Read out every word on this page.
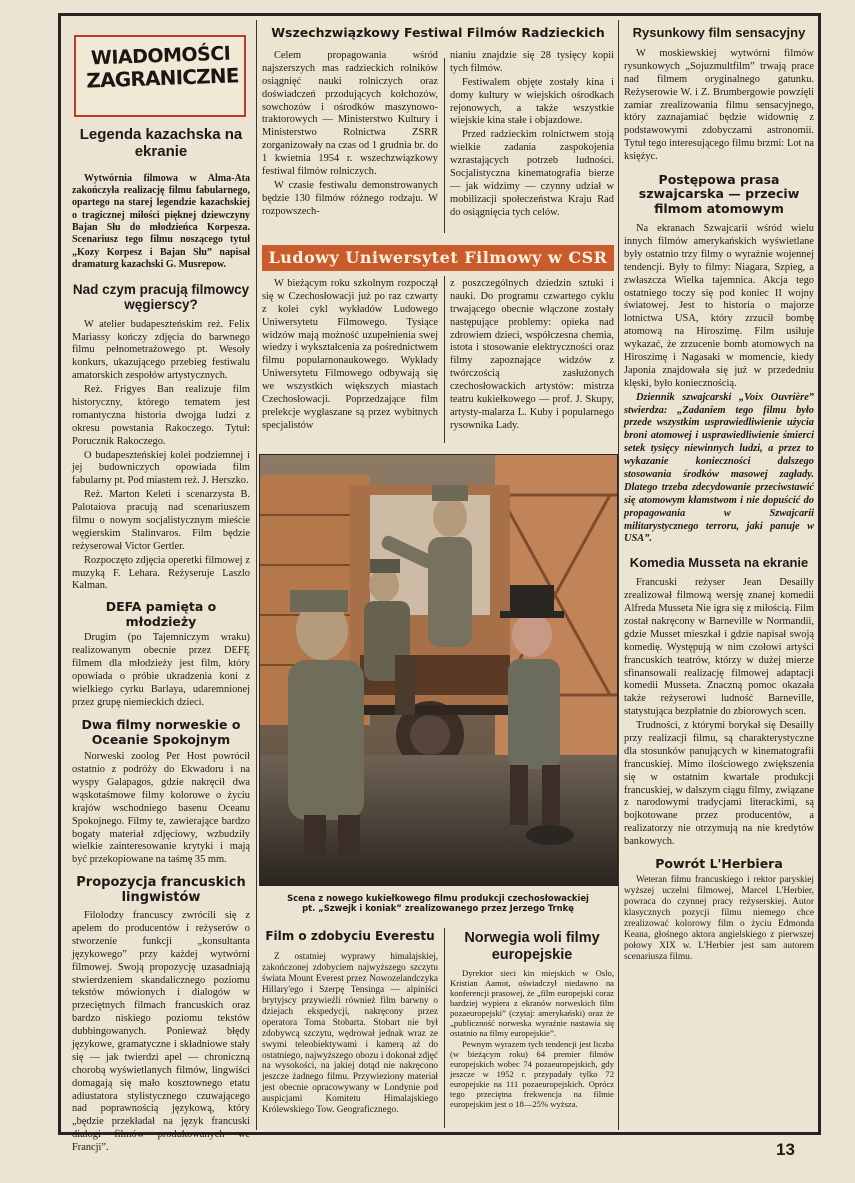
WIADOMOŚCI
ZAGRANICZNE
Legenda kazachska na ekranie

Wytwórnia filmowa w Alma-Ata zakończyła realizację filmu fabularnego, opartego na starej legendzie kazachskiej o tragicznej miłości pięknej dziewczyny Bajan Słu do młodzieńca Korpesza. Scenariusz tego filmu noszącego tytuł „Kozy Korpesz i Bajan Słu” napisał dramaturg kazachski G. Musrepow.

Nad czym pracują filmowcy węgierscy?

W atelier budapeszteńskim reż. Felix Mariassy kończy zdjęcia do barwnego filmu pełnometrażowego pt. Wesoły konkurs, ukazującego przebieg festiwalu amatorskich zespołów artystycznych.

Reż. Frigyes Ban realizuje film historyczny, którego tematem jest romantyczna historia dwojga ludzi z okresu powstania Rakoczego. Tytuł: Porucznik Rakoczego.

O budapeszteńskiej kolei podziemnej i jej budowniczych opowiada film fabularny pt. Pod miastem reż. J. Herszko.

Reż. Marton Keleti i scenarzysta B. Palotaiova pracują nad scenariuszem filmu o nowym socjalistycznym mieście węgierskim Stalinvaros. Film będzie reżyserował Victor Gertler.

Rozpoczęto zdjęcia operetki filmowej z muzyką F. Lehara. Reżyseruje Laszlo Kalman.

DEFA pamięta o młodzieży

Drugim (po Tajemniczym wraku) realizowanym obecnie przez DEFĘ filmem dla młodzieży jest film, który opowiada o próbie ukradzenia koni z wielkiego cyrku Barlaya, udaremnionej przez grupę niemieckich dzieci.

Dwa filmy norweskie o Oceanie Spokojnym

Norweski zoolog Per Host powrócił ostatnio z podróży do Ekwadoru i na wyspy Galapagos, gdzie nakręcił dwa wąskotaśmowe filmy kolorowe o życiu krajów wschodniego basenu Oceanu Spokojnego. Filmy te, zawierające bardzo bogaty materiał zdjęciowy, wzbudziły wielkie zainteresowanie krytyki i mają być przekopiowane na taśmę 35 mm.

Propozycja francuskich lingwistów

Filolodzy francuscy zwrócili się z apelem do producentów i reżyserów o stworzenie funkcji „konsultanta językowego” przy każdej wytwórni filmowej. Swoją propozycję uzasadniają stwierdzeniem skandalicznego poziomu tekstów mówionych i dialogów w przeciętnych filmach francuskich oraz bardzo niskiego poziomu tekstów dubbingowanych. Ponieważ błędy językowe, gramatyczne i składniowe stały się — jak twierdzi apel — chroniczną chorobą wyświetlanych filmów, lingwiści domagają się mało kosztownego etatu adiustatora stylistycznego czuwającego nad poprawnością językową, który „będzie przekładał na język francuski dialogi filmów produkowanych we Francji”.

Wszechzwiązkowy Festiwal Filmów Radzieckich

Celem propagowania wśród najszerszych mas radzieckich rolników osiągnięć nauki rolniczych oraz doświadczeń przodujących kołchozów, sowchozów i ośrodków maszynowo-traktorowych — Ministerstwo Kultury i Ministerstwo Rolnictwa ZSRR zorganizowały na czas od 1 grudnia br. do 1 kwietnia 1954 r. wszechzwiązkowy festiwal filmów rolniczych.

W czasie festiwalu demonstrowanych będzie 130 filmów różnego rodzaju. W rozpowszech-

nianiu znajdzie się 28 tysięcy kopii tych filmów.

Festiwalem objęte zostały kina i domy kultury w wiejskich ośrodkach rejonowych, a także wszystkie wiejskie kina stałe i objazdowe.

Przed radzieckim rolnictwem stoją wielkie zadania zaspokojenia wzrastających potrzeb ludności. Socjalistyczna kinematografia bierze — jak widzimy — czynny udział w mobilizacji społeczeństwa Kraju Rad do osiągnięcia tych celów.

Ludowy Uniwersytet Filmowy w CSR

W bieżącym roku szkolnym rozpoczął się w Czechosłowacji już po raz czwarty z kolei cykl wykładów Ludowego Uniwersytetu Filmowego. Tysiące widzów mają możność uzupełnienia swej wiedzy i wykształcenia za pośrednictwem filmu popularnonaukowego. Wykłady Uniwersytetu Filmowego odbywają się we wszystkich większych miastach Czechosłowacji. Poprzedzające film prelekcje wygłaszane są przez wybitnych specjalistów

z poszczególnych dziedzin sztuki i nauki. Do programu czwartego cyklu trwającego obecnie włączone zostały następujące problemy: opieka nad zdrowiem dzieci, współczesna chemia, istota i stosowanie elektryczności oraz filmy zapoznające widzów z twórczością zasłużonych czechosłowackich artystów: mistrza teatru kukiełkowego — prof. J. Skupy, artysty-malarza L. Kuby i popularnego rysownika Lady.

Scena z nowego kukiełkowego filmu produkcji czechosłowackiej
pt. „Szwejk i koniak” zrealizowanego przez Jerzego Trnkę
Film o zdobyciu Everestu

Z ostatniej wyprawy himalajskiej, zakończonej zdobyciem najwyższego szczytu świata Mount Everest przez Nowozelandczyka Hillary'ego i Szerpę Tensinga — alpiniści brytyjscy przywieźli również film barwny o dziejach ekspedycji, nakręcony przez operatora Toma Stobarta. Stobart nie był zdobywcą szczytu, wędrował jednak wraz ze swymi teleobiektywami i kamerą aż do ostatniego, najwyższego obozu i dokonał zdjęć na wysokości, na jakiej dotąd nie nakręcono jeszcze żadnego filmu. Przywieziony materiał jest obecnie opracowywany w Londynie pod auspicjami Komitetu Himalajskiego Królewskiego Tow. Geograficznego.

Norwegia woli filmy europejskie

Dyrektor sieci kin miejskich w Oslo, Kristian Aamot, oświadczył niedawno na konferencji prasowej, że „film europejski coraz bardziej wypiera z ekranów norweskich film pozaeuropejski” (czytaj: amerykański) oraz że „publiczność norweska wyraźnie nastawia się ostatnio na filmy europejskie”.

Pewnym wyrazem tych tendencji jest liczba (w bieżącym roku) 64 premier filmów europejskich wobec 74 pozaeuropejskich, gdy jeszcze w 1952 r. przypadały tylko 72 europejskie na 111 pozaeuropejskich. Oprócz tego przeciętna frekwencja na filmie europejskim jest o 18—25% wyższa.

Rysunkowy film sensacyjny

W moskiewskiej wytwórni filmów rysunkowych „Sojuzmultfilm” trwają prace nad filmem oryginalnego gatunku. Reżyserowie W. i Z. Brumbergowie powzięli zamiar zrealizowania filmu sensacyjnego, który zaznajamiać będzie widownię z podstawowymi zdobyczami astronomii. Tytuł tego interesującego filmu brzmi: Lot na księżyc.

Postępowa prasa szwajcarska — przeciw filmom atomowym

Na ekranach Szwajcarii wśród wielu innych filmów amerykańskich wyświetlane były ostatnio trzy filmy o wyraźnie wojennej tendencji. Były to filmy: Niagara, Szpieg, a zwłaszcza Wielka tajemnica. Akcja tego ostatniego toczy się pod koniec II wojny światowej. Jest to historia o majorze lotnictwa USA, który zrzucił bombę atomową na Hiroszimę. Film usiłuje wykazać, że zrzucenie bomb atomowych na Hiroszimę i Nagasaki w momencie, kiedy Japonia znajdowała się już w przededniu klęski, było koniecznością.

Dziennik szwajcarski „Voix Ouvrière” stwierdza: „Zadaniem tego filmu było przede wszystkim usprawiedliwienie użycia broni atomowej i usprawiedliwienie śmierci setek tysięcy niewinnych ludzi, a przez to wykazanie konieczności dalszego stosowania środków masowej zagłady. Dlatego trzeba zdecydowanie przeciwstawić się atomowym kłamstwom i nie dopuścić do propagowania w Szwajcarii militarystycznego terroru, jaki panuje w USA”.

Komedia Musseta na ekranie

Francuski reżyser Jean Desailly zrealizował filmową wersję znanej komedii Alfreda Musseta Nie igra się z miłością. Film został nakręcony w Barneville w Normandii, gdzie Musset mieszkał i gdzie napisał swoją komedię. Występują w nim czołowi artyści francuskich teatrów, którzy w dużej mierze sfinansowali realizację filmowej adaptacji komedii Musseta. Znaczną pomoc okazała także reżyserowi ludność Barneville, statystująca bezpłatnie do zbiorowych scen.

Trudności, z którymi borykał się Desailly przy realizacji filmu, są charakterystyczne dla stosunków panujących w kinematografii francuskiej. Mimo ilościowego zwiększenia się w ostatnim kwartale produkcji francuskiej, w dalszym ciągu filmy, związane z narodowymi tradycjami literackimi, są bojkotowane przez producentów, a realizatorzy nie otrzymują na nie kredytów bankowych.

Powrót L'Herbiera

Weteran filmu francuskiego i rektor paryskiej wyższej uczelni filmowej, Marcel L'Herbier, powraca do czynnej pracy reżyserskiej. Autor klasycznych pozycji filmu niemego chce zrealizować kolorowy film o życiu Edmonda Keana, głośnego aktora angielskiego z pierwszej połowy XIX w. L'Herbier jest sam autorem scenariusza filmu.

13
